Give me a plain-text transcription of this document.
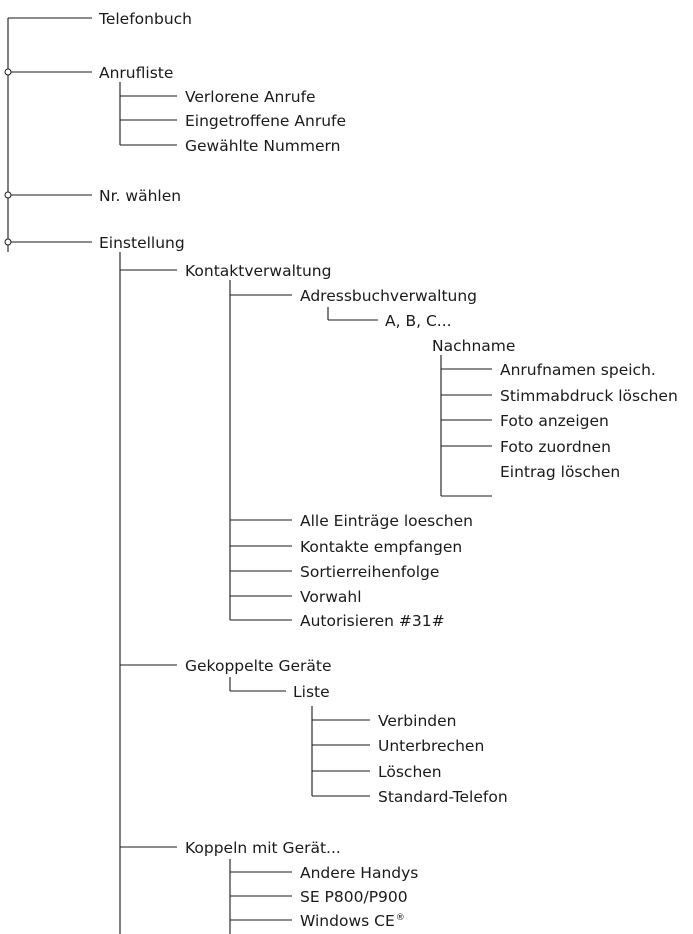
Telefonbuch
Anrufliste
Verlorene Anrufe
Eingetroffene Anrufe
Gewählte Nummern
Nr. wählen
Einstellung
Kontaktverwaltung
Adressbuchverwaltung
A, B, C...
Nachname
Anrufnamen speich.
Stimmabdruck löschen
Foto anzeigen
Foto zuordnen
Eintrag löschen
Alle Einträge loeschen
Kontakte empfangen
Sortierreihenfolge
Vorwahl
Autorisieren #31#
Gekoppelte Geräte
Liste
Verbinden
Unterbrechen
Löschen
Standard-Telefon
Koppeln mit Gerät...
Andere Handys
SE P800/P900
Windows CE®
